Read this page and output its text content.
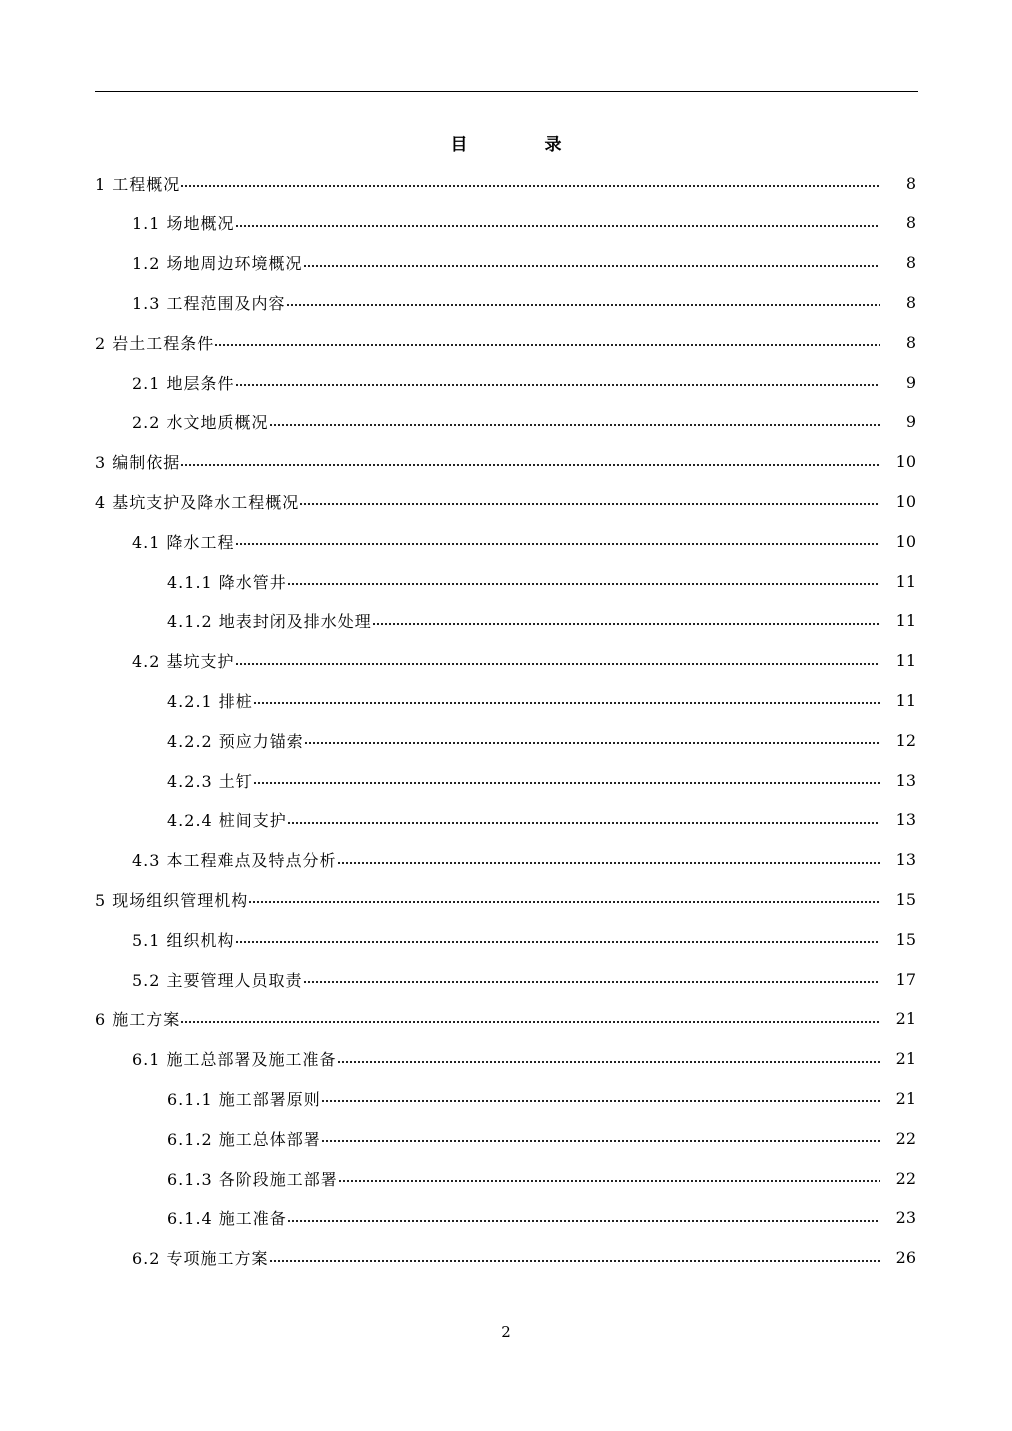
目　录
1 工程概况	8
1.1 场地概况	8
1.2 场地周边环境概况	8
1.3 工程范围及内容	8
2 岩土工程条件	8
2.1 地层条件	9
2.2 水文地质概况	9
3 编制依据	10
4 基坑支护及降水工程概况	10
4.1 降水工程	10
4.1.1 降水管井	11
4.1.2 地表封闭及排水处理	11
4.2 基坑支护	11
4.2.1 排桩	11
4.2.2 预应力锚索	12
4.2.3 土钉	13
4.2.4 桩间支护	13
4.3 本工程难点及特点分析	13
5 现场组织管理机构	15
5.1 组织机构	15
5.2 主要管理人员取责	17
6 施工方案	21
6.1 施工总部署及施工准备	21
6.1.1 施工部署原则	21
6.1.2 施工总体部署	22
6.1.3 各阶段施工部署	22
6.1.4 施工准备	23
6.2 专项施工方案	26
2
